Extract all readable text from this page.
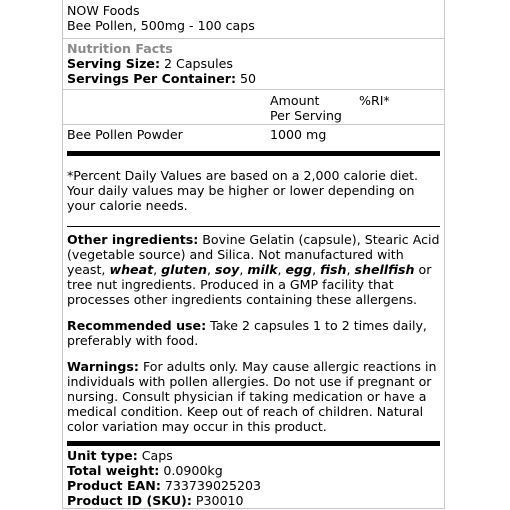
NOW Foods
Bee Pollen, 500mg - 100 caps
Nutrition Facts
Serving Size: 2 Capsules
Servings Per Container: 50
Amount
Per Serving
%RI*
Bee Pollen Powder	1000 mg
*Percent Daily Values are based on a 2,000 calorie diet. Your daily values may be higher or lower depending on your calorie needs.

Other ingredients: Bovine Gelatin (capsule), Stearic Acid (vegetable source) and Silica. Not manufactured with yeast, wheat, gluten, soy, milk, egg, fish, shellfish or tree nut ingredients. Produced in a GMP facility that processes other ingredients containing these allergens.

Recommended use: Take 2 capsules 1 to 2 times daily, preferably with food.

Warnings: For adults only. May cause allergic reactions in individuals with pollen allergies. Do not use if pregnant or nursing. Consult physician if taking medication or have a medical condition. Keep out of reach of children. Natural color variation may occur in this product.

Unit type: Caps
Total weight: 0.0900kg
Product EAN: 733739025203
Product ID (SKU): P30010
